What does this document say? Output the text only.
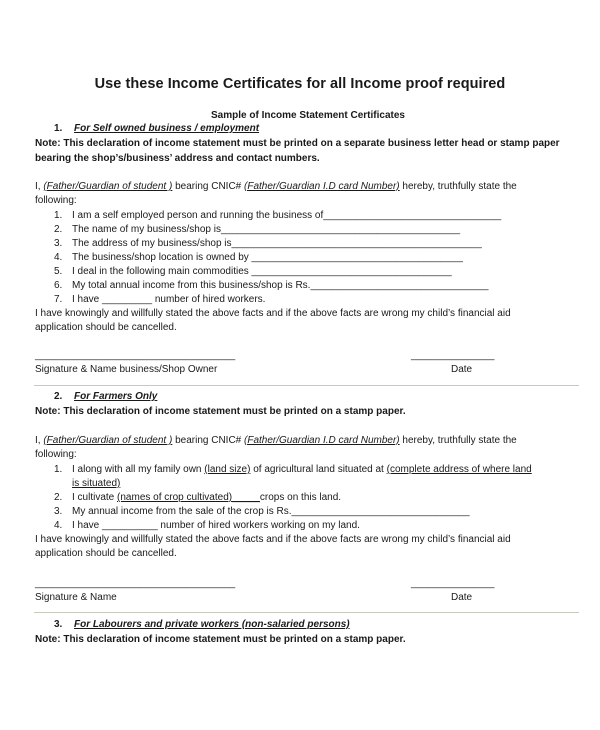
Use these Income Certificates for all Income proof required
Sample of Income Statement Certificates
1. For Self owned business / employment
Note: This declaration of income statement must be printed on a separate business letter head or stamp paper
bearing the shop’s/business’ address and contact numbers.
I, (Father/Guardian of student ) bearing CNIC# (Father/Guardian I.D card Number) hereby, truthfully state the
following:
1. I am a self employed person and running the business of________________________________
2. The name of my business/shop is___________________________________________
3. The address of my business/shop is_____________________________________________
4. The business/shop location is owned by ______________________________________
5. I deal in the following main commodities ____________________________________
6. My total annual income from this business/shop is Rs.________________________________
7. I have _________ number of hired workers.
I have knowingly and willfully stated the above facts and if the above facts are wrong my child’s financial aid
application should be cancelled.
____________________________________	_______________
Signature & Name business/Shop Owner	Date
2. For Farmers Only
Note: This declaration of income statement must be printed on a stamp paper.
I, (Father/Guardian of student ) bearing CNIC# (Father/Guardian I.D card Number) hereby, truthfully state the
following:
1. I along with all my family own (land size) of agricultural land situated at (complete address of where land
is situated)
2. I cultivate (names of crop cultivated)_____crops on this land.
3. My annual income from the sale of the crop is Rs.________________________________
4. I have __________ number of hired workers working on my land.
I have knowingly and willfully stated the above facts and if the above facts are wrong my child’s financial aid
application should be cancelled.
____________________________________	_______________
Signature & Name	Date
3. For Labourers and private workers (non-salaried persons)
Note: This declaration of income statement must be printed on a stamp paper.
